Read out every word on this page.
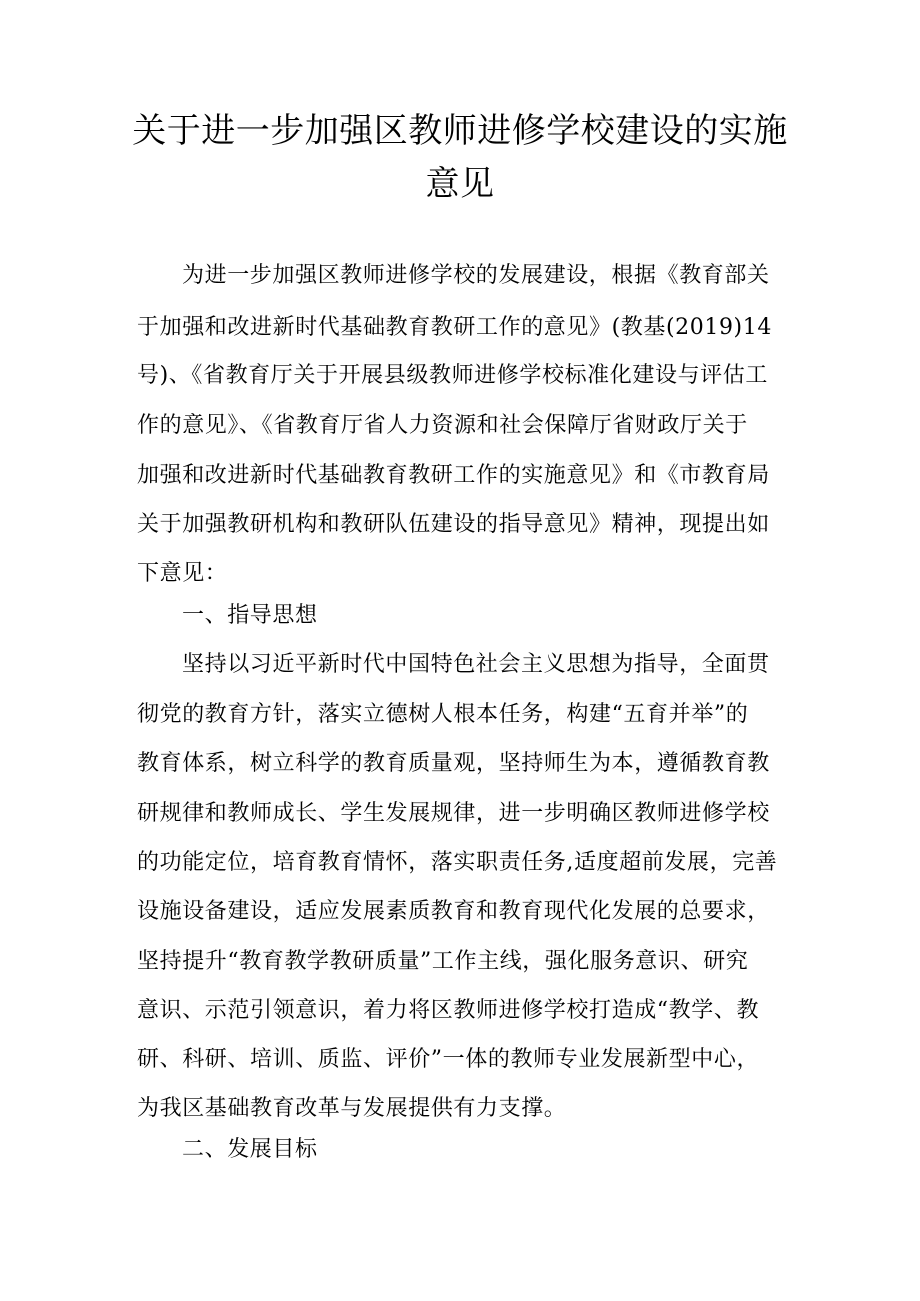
关于进一步加强区教师进修学校建设的实施
意见
为进一步加强区教师进修学校的发展建设，根据《教育部关
于加强和改进新时代基础教育教研工作的意见》(教基(2019)14
号)、《省教育厅关于开展县级教师进修学校标准化建设与评估工
作的意见》、《省教育厅省人力资源和社会保障厅省财政厅关于
加强和改进新时代基础教育教研工作的实施意见》和《市教育局
关于加强教研机构和教研队伍建设的指导意见》精神，现提出如
下意见：
一、指导思想
坚持以习近平新时代中国特色社会主义思想为指导，全面贯
彻党的教育方针，落实立德树人根本任务，构建“五育并举”的
教育体系，树立科学的教育质量观，坚持师生为本，遵循教育教
研规律和教师成长、学生发展规律，进一步明确区教师进修学校
的功能定位，培育教育情怀，落实职责任务,适度超前发展，完善
设施设备建设，适应发展素质教育和教育现代化发展的总要求，
坚持提升“教育教学教研质量”工作主线，强化服务意识、研究
意识、示范引领意识，着力将区教师进修学校打造成“教学、教
研、科研、培训、质监、评价”一体的教师专业发展新型中心，
为我区基础教育改革与发展提供有力支撑。
二、发展目标
